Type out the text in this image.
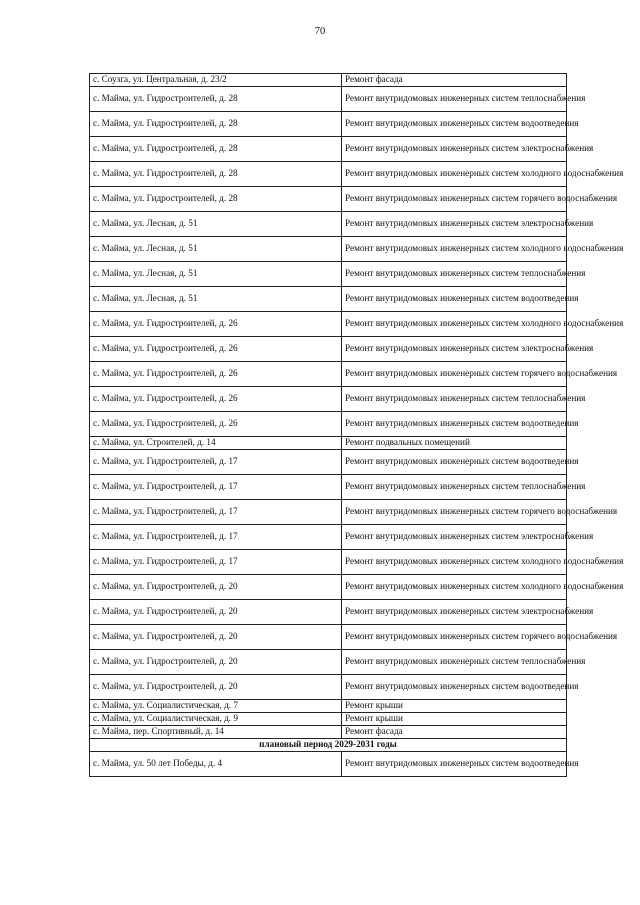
70
с. Соузга, ул. Центральная, д. 23/2	Ремонт фасада
с. Майма, ул. Гидростроителей, д. 28	Ремонт внутридомовых инженерных систем теплоснабжения
с. Майма, ул. Гидростроителей, д. 28	Ремонт внутридомовых инженерных систем водоотведения
с. Майма, ул. Гидростроителей, д. 28	Ремонт внутридомовых инженерных систем электроснабжения
с. Майма, ул. Гидростроителей, д. 28	Ремонт внутридомовых инженерных систем холодного водоснабжения
с. Майма, ул. Гидростроителей, д. 28	Ремонт внутридомовых инженерных систем горячего водоснабжения
с. Майма, ул. Лесная, д. 51	Ремонт внутридомовых инженерных систем электроснабжения
с. Майма, ул. Лесная, д. 51	Ремонт внутридомовых инженерных систем холодного водоснабжения
с. Майма, ул. Лесная, д. 51	Ремонт внутридомовых инженерных систем теплоснабжения
с. Майма, ул. Лесная, д. 51	Ремонт внутридомовых инженерных систем водоотведения
с. Майма, ул. Гидростроителей, д. 26	Ремонт внутридомовых инженерных систем холодного водоснабжения
с. Майма, ул. Гидростроителей, д. 26	Ремонт внутридомовых инженерных систем электроснабжения
с. Майма, ул. Гидростроителей, д. 26	Ремонт внутридомовых инженерных систем горячего водоснабжения
с. Майма, ул. Гидростроителей, д. 26	Ремонт внутридомовых инженерных систем теплоснабжения
с. Майма, ул. Гидростроителей, д. 26	Ремонт внутридомовых инженерных систем водоотведения
с. Майма, ул. Строителей, д. 14	Ремонт подвальных помещений
с. Майма, ул. Гидростроителей, д. 17	Ремонт внутридомовых инженерных систем водоотведения
с. Майма, ул. Гидростроителей, д. 17	Ремонт внутридомовых инженерных систем теплоснабжения
с. Майма, ул. Гидростроителей, д. 17	Ремонт внутридомовых инженерных систем горячего водоснабжения
с. Майма, ул. Гидростроителей, д. 17	Ремонт внутридомовых инженерных систем электроснабжения
с. Майма, ул. Гидростроителей, д. 17	Ремонт внутридомовых инженерных систем холодного водоснабжения
с. Майма, ул. Гидростроителей, д. 20	Ремонт внутридомовых инженерных систем холодного водоснабжения
с. Майма, ул. Гидростроителей, д. 20	Ремонт внутридомовых инженерных систем электроснабжения
с. Майма, ул. Гидростроителей, д. 20	Ремонт внутридомовых инженерных систем горячего водоснабжения
с. Майма, ул. Гидростроителей, д. 20	Ремонт внутридомовых инженерных систем теплоснабжения
с. Майма, ул. Гидростроителей, д. 20	Ремонт внутридомовых инженерных систем водоотведения
с. Майма, ул. Социалистическая, д. 7	Ремонт крыши
с. Майма, ул. Социалистическая, д. 9	Ремонт крыши
с. Майма, пер. Спортивный, д. 14	Ремонт фасада
плановый период 2029-2031 годы	
с. Майма, ул. 50 лет Победы, д. 4	Ремонт внутридомовых инженерных систем водоотведения
